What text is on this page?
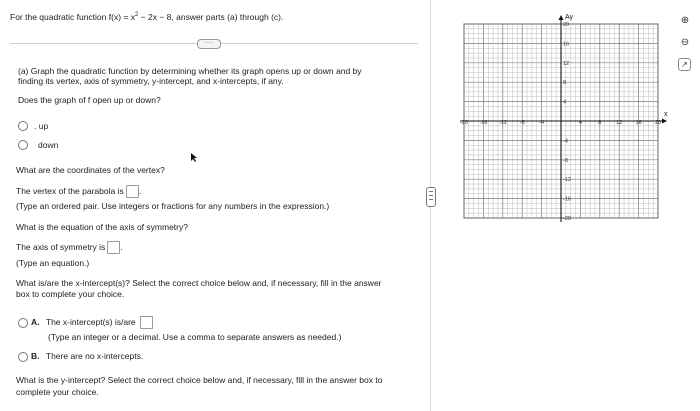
For the quadratic function $f(x) = x^2 - 2x - 8$, answer parts (a) through (c).
·····
(a) Graph the quadratic function by determining whether its graph opens up or down and by
finding its vertex, axis of symmetry, y-intercept, and x-intercepts, if any.
Does the graph of f open up or down?
. up
down
What are the coordinates of the vertex?
The vertex of the parabola is .
(Type an ordered pair. Use integers or fractions for any numbers in the expression.)
What is the equation of the axis of symmetry?
The axis of symmetry is .
(Type an equation.)
What is/are the x-intercept(s)? Select the correct choice below and, if necessary, fill in the answer
box to complete your choice.
A. The x-intercept(s) is/are
(Type an integer or a decimal. Use a comma to separate answers as needed.)
B. There are no x-intercepts.
What is the y-intercept? Select the correct choice below and, if necessary, fill in the answer box to
complete your choice.
Ay
x
-20 -16 -12 -8	-4	4	8	12 16 20
20
16
12
8
4
-4
-8
-12
-16
-20
⊕
⊖
↗
